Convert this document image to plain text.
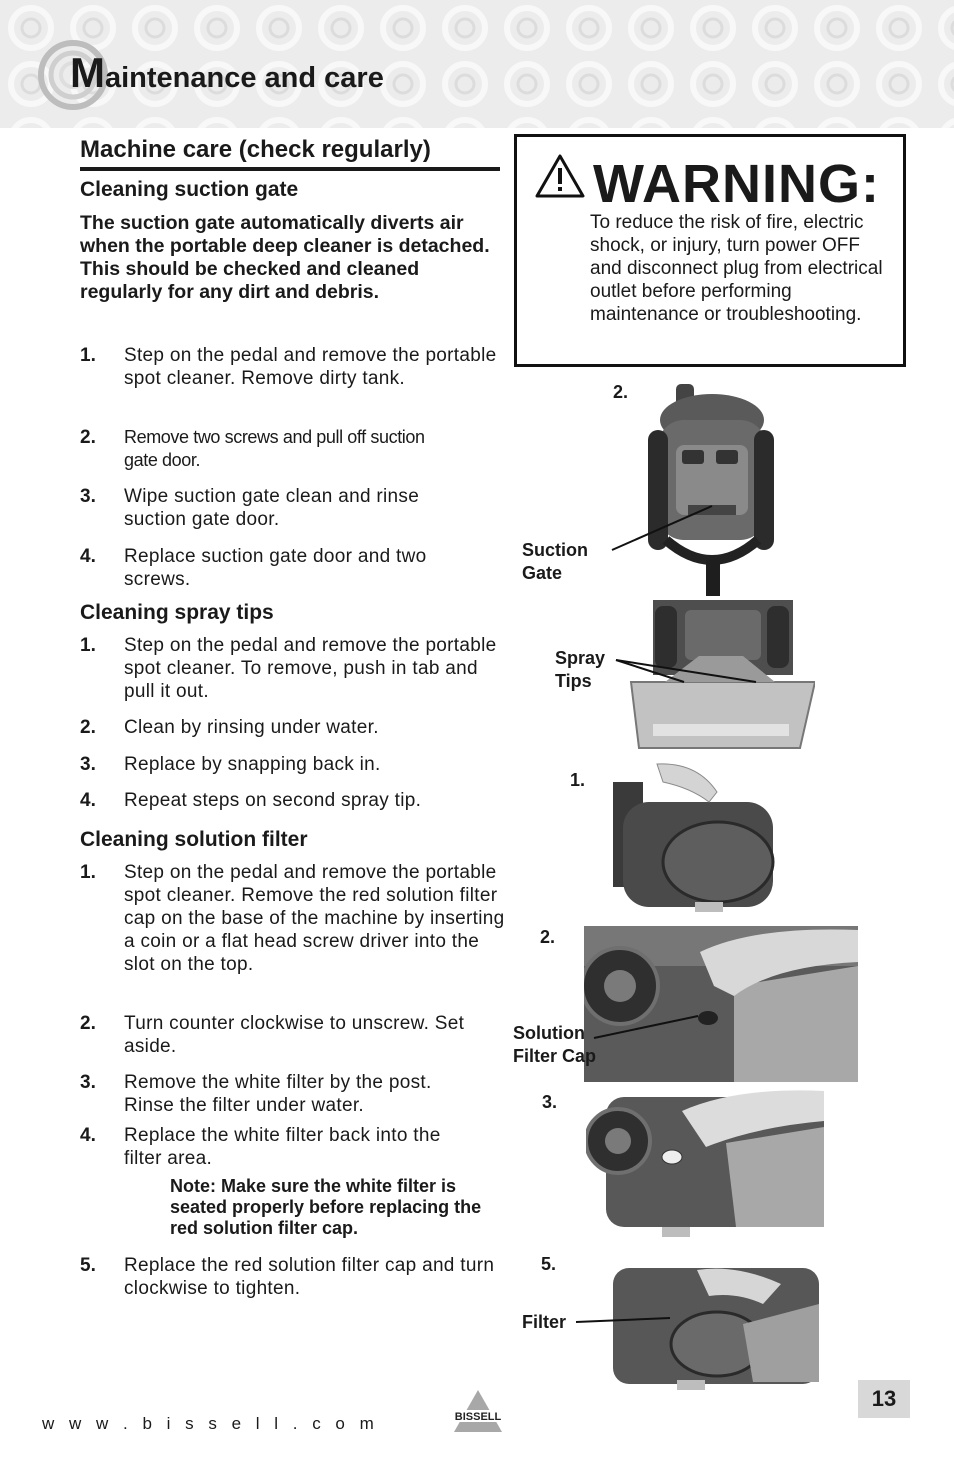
Maintenance and care
Machine care (check regularly)
Cleaning suction gate
The suction gate automatically diverts air when the portable deep cleaner is detached. This should be checked and cleaned regularly for any dirt and debris.
1. Step on the pedal and remove the portable spot cleaner. Remove dirty tank.
2. Remove two screws and pull off suction gate door.
3. Wipe suction gate clean and rinse suction gate door.
4. Replace suction gate door and two screws.
Cleaning spray tips
1. Step on the pedal and remove the portable spot cleaner. To remove, push in tab and pull it out.
2. Clean by rinsing under water.
3. Replace by snapping back in.
4. Repeat steps on second spray tip.
Cleaning solution filter
1. Step on the pedal and remove the portable spot cleaner. Remove the red solution filter cap on the base of the machine by inserting a coin or a flat head screw driver into the slot on the top.
2. Turn counter clockwise to unscrew. Set aside.
3. Remove the white filter by the post. Rinse the filter under water.
4. Replace the white filter back into the filter area.
Note: Make sure the white filter is seated properly before replacing the red solution filter cap.
5. Replace the red solution filter cap and turn clockwise to tighten.
WARNING:
To reduce the risk of fire, electric shock, or injury, turn power OFF and disconnect plug from electrical outlet before performing maintenance or troubleshooting.
2.
Suction
Gate
Spray
Tips
1.
2.
Solution
Filter Cap
3.
5.
Filter
w w w . b i s s e l l . c o m	BISSELL
13
